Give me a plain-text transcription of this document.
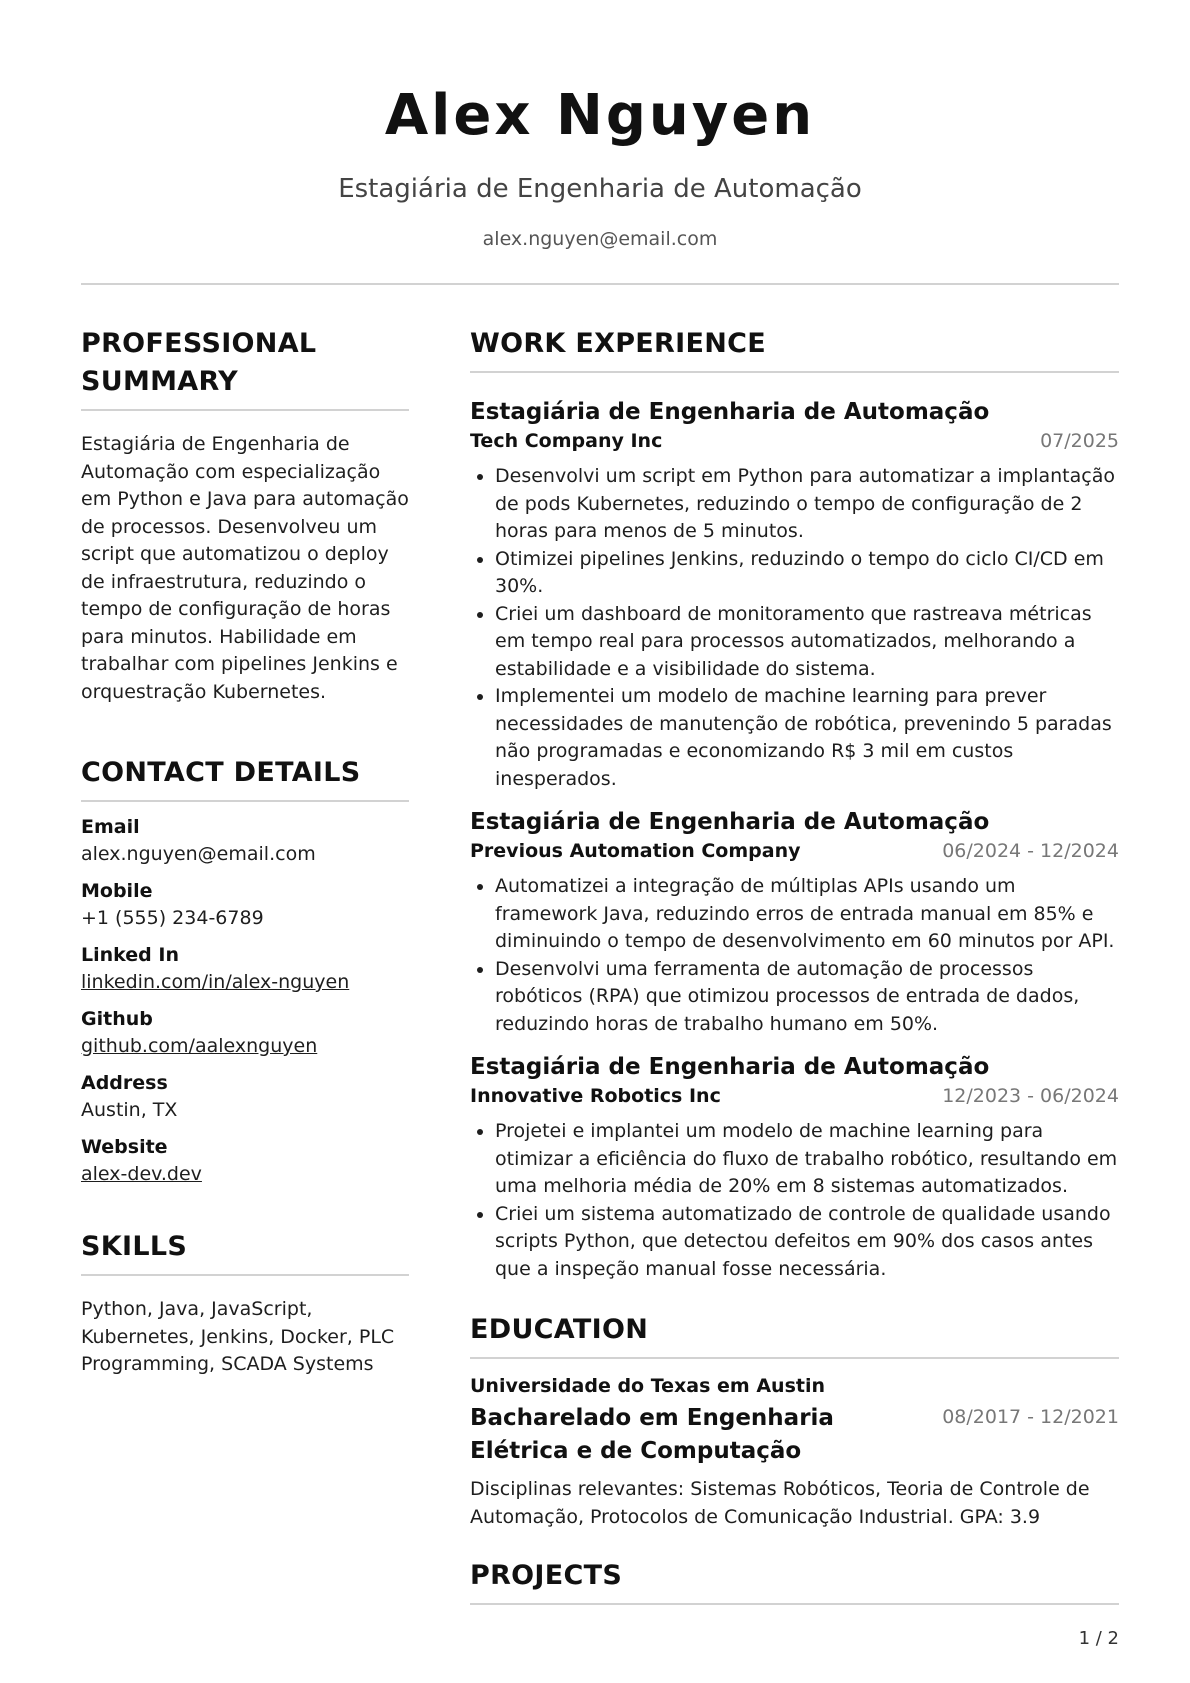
Alex Nguyen
Estagiária de Engenharia de Automação
alex.nguyen@email.com
PROFESSIONAL SUMMARY
Estagiária de Engenharia de Automação com especialização em Python e Java para automação de processos. Desenvolveu um script que automatizou o deploy de infraestrutura, reduzindo o tempo de configuração de horas para minutos. Habilidade em trabalhar com pipelines Jenkins e orquestração Kubernetes.
CONTACT DETAILS
Email
alex.nguyen@email.com
Mobile
+1 (555) 234-6789
Linked In
linkedin.com/in/alex-nguyen
Github
github.com/aalexnguyen
Address
Austin, TX
Website
alex-dev.dev
SKILLS
Python, Java, JavaScript, Kubernetes, Jenkins, Docker, PLC Programming, SCADA Systems
WORK EXPERIENCE
Estagiária de Engenharia de Automação
Tech Company Inc	07/2025
• Desenvolvi um script em Python para automatizar a implantação de pods Kubernetes, reduzindo o tempo de configuração de 2 horas para menos de 5 minutos.
• Otimizei pipelines Jenkins, reduzindo o tempo do ciclo CI/CD em 30%.
• Criei um dashboard de monitoramento que rastreava métricas em tempo real para processos automatizados, melhorando a estabilidade e a visibilidade do sistema.
• Implementei um modelo de machine learning para prever necessidades de manutenção de robótica, prevenindo 5 paradas não programadas e economizando R$ 3 mil em custos inesperados.
Estagiária de Engenharia de Automação
Previous Automation Company	06/2024 - 12/2024
• Automatizei a integração de múltiplas APIs usando um framework Java, reduzindo erros de entrada manual em 85% e diminuindo o tempo de desenvolvimento em 60 minutos por API.
• Desenvolvi uma ferramenta de automação de processos robóticos (RPA) que otimizou processos de entrada de dados, reduzindo horas de trabalho humano em 50%.
Estagiária de Engenharia de Automação
Innovative Robotics Inc	12/2023 - 06/2024
• Projetei e implantei um modelo de machine learning para otimizar a eficiência do fluxo de trabalho robótico, resultando em uma melhoria média de 20% em 8 sistemas automatizados.
• Criei um sistema automatizado de controle de qualidade usando scripts Python, que detectou defeitos em 90% dos casos antes que a inspeção manual fosse necessária.
EDUCATION
Universidade do Texas em Austin
Bacharelado em Engenharia Elétrica e de Computação
08/2017 - 12/2021
Disciplinas relevantes: Sistemas Robóticos, Teoria de Controle de Automação, Protocolos de Comunicação Industrial. GPA: 3.9
PROJECTS
1 / 2
